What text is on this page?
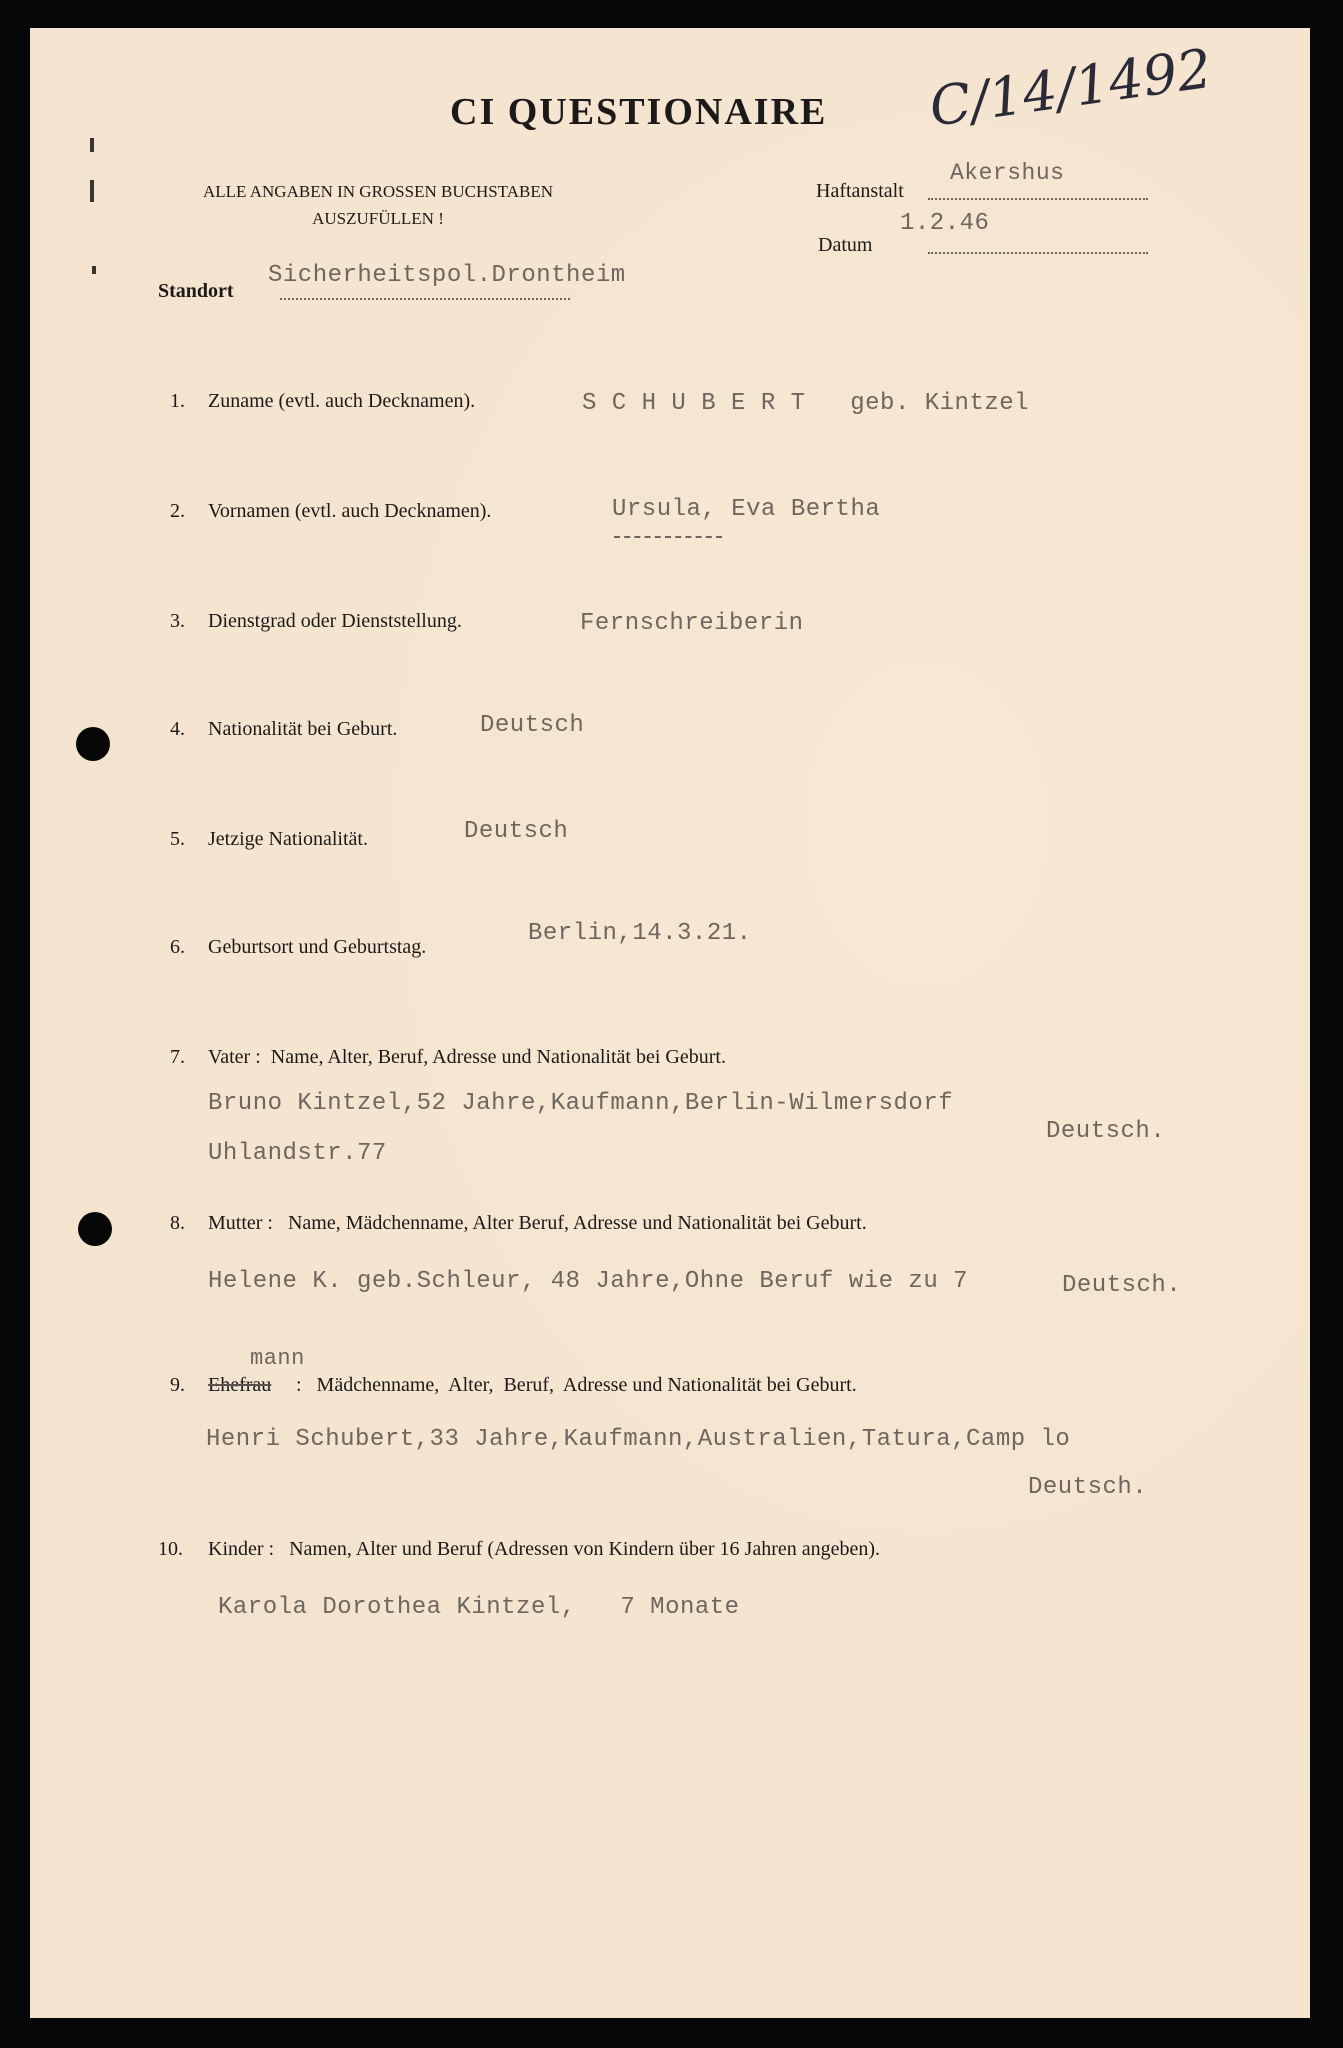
CI QUESTIONAIRE C/14/1492
ALLE ANGABEN IN GROSSEN BUCHSTABEN
AUSZUFÜLLEN !
Haftanstalt
Akershus
Datum
1.2.46
Standort
Sicherheitspol.Drontheim
1. Zuname (evtl. auch Decknamen).	S C H U B E R T   geb. Kintzel
2. Vornamen (evtl. auch Decknamen).	Ursula, Eva Bertha
3. Dienstgrad oder Dienststellung.	Fernschreiberin
4. Nationalität bei Geburt.	Deutsch
5. Jetzige Nationalität.	Deutsch
6. Geburtsort und Geburtstag.	Berlin,14.3.21.
7. Vater :  Name, Alter, Beruf, Adresse und Nationalität bei Geburt.
Bruno Kintzel,52 Jahre,Kaufmann,Berlin-Wilmersdorf
Uhlandstr.77
Deutsch.
8. Mutter :   Name, Mädchenname, Alter Beruf, Adresse und Nationalität bei Geburt.
Helene K. geb.Schleur, 48 Jahre,Ohne Beruf wie zu 7	Deutsch.
9. Ehefrau
mann
:   Mädchenname,  Alter,  Beruf,  Adresse und Nationalität bei Geburt.
Henri Schubert,33 Jahre,Kaufmann,Australien,Tatura,Camp lo
Deutsch.
10. Kinder :   Namen, Alter und Beruf (Adressen von Kindern über 16 Jahren angeben).
Karola Dorothea Kintzel,   7 Monate
